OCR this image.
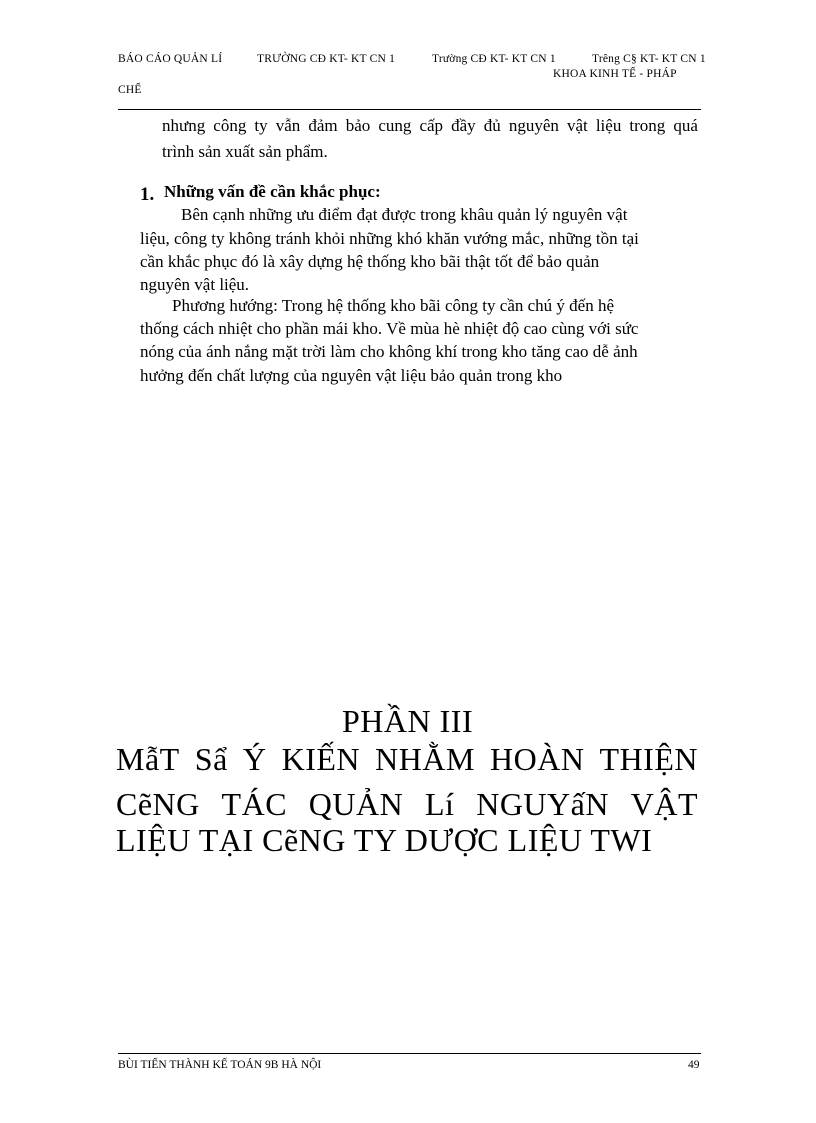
BÁO CÁO QUẢN LÍ
CHẾ
TRƯỜNG CĐ KT- KT CN 1	Trường CĐ KT- KT CN 1	Trêng C§ KT- KT CN 1
KHOA KINH TẾ - PHÁP
nhưng công ty vẫn đảm bảo cung cấp đầy đủ nguyên vật liệu trong quá
trình sản xuất sản phẩm.
1. Những vấn đề cần khắc phục:
Bên cạnh những ưu điểm đạt được trong khâu quản lý nguyên vật
liệu, công ty không tránh khỏi những khó khăn vướng mắc, những tồn tại
cần khắc phục đó là xây dựng hệ thống kho bãi thật tốt để bảo quản
nguyên vật liệu.
Phương hướng: Trong hệ thống kho bãi công ty cần chú ý đến hệ
thống cách nhiệt cho phần mái kho. Về mùa hè nhiệt độ cao cùng với sức
nóng của ánh nắng mặt trời làm cho không khí trong kho tăng cao dễ ảnh
hưởng đến chất lượng của nguyên vật liệu bảo quản trong kho
PHẦN III
MẫT Sẩ Ý KIẾN NHẰM HOÀN THIỆN
CẽNG TÁC QUẢN Lí NGUYấN VẬT
LIỆU TẠI CẽNG TY DƯỢC LIỆU TWI
BÙI TIẾN THÀNH KẾ TOÁN 9B HÀ NỘI	49
